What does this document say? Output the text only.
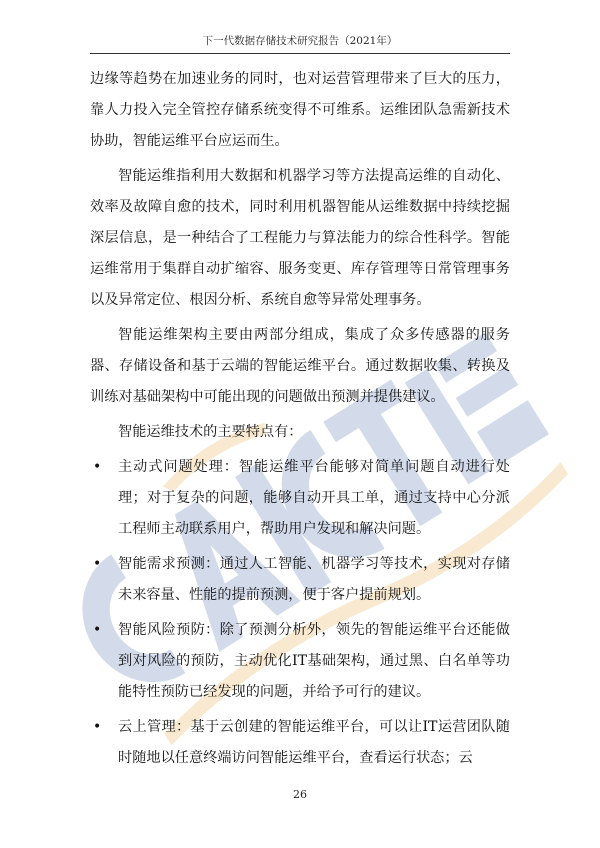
下一代数据存储技术研究报告（2021年）

边缘等趋势在加速业务的同时，也对运营管理带来了巨大的压力，靠人力投入完全管控存储系统变得不可维系。运维团队急需新技术协助，智能运维平台应运而生。

智能运维指利用大数据和机器学习等方法提高运维的自动化、效率及故障自愈的技术，同时利用机器智能从运维数据中持续挖掘深层信息，是一种结合了工程能力与算法能力的综合性科学。智能运维常用于集群自动扩缩容、服务变更、库存管理等日常管理事务以及异常定位、根因分析、系统自愈等异常处理事务。

智能运维架构主要由两部分组成，集成了众多传感器的服务器、存储设备和基于云端的智能运维平台。通过数据收集、转换及训练对基础架构中可能出现的问题做出预测并提供建议。

智能运维技术的主要特点有：

• 主动式问题处理：智能运维平台能够对简单问题自动进行处理；对于复杂的问题，能够自动开具工单，通过支持中心分派工程师主动联系用户，帮助用户发现和解决问题。
• 智能需求预测：通过人工智能、机器学习等技术，实现对存储未来容量、性能的提前预测，便于客户提前规划。
• 智能风险预防：除了预测分析外，领先的智能运维平台还能做到对风险的预防，主动优化IT基础架构，通过黑、白名单等功能特性预防已经发现的问题，并给予可行的建议。
• 云上管理：基于云创建的智能运维平台，可以让IT运营团队随时随地以任意终端访问智能运维平台，查看运行状态；云
26
